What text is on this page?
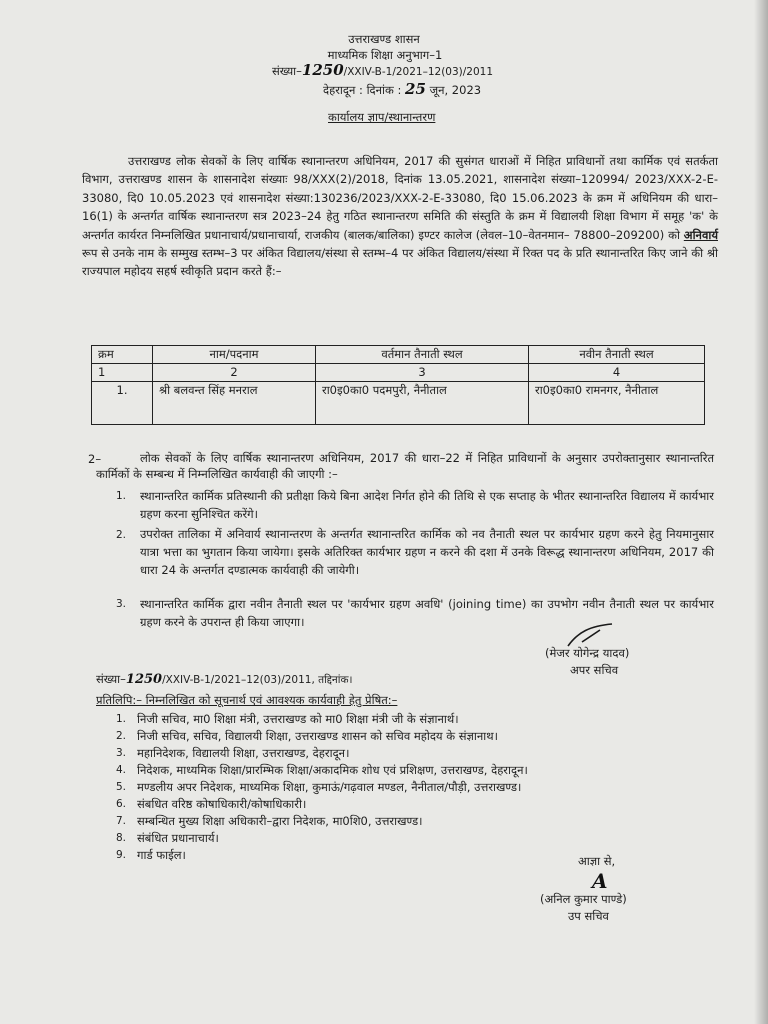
उत्तराखण्ड शासन
माध्यमिक शिक्षा अनुभाग–1
संख्या–1250/XXIV-B-1/2021–12(03)/2011
देहरादून : दिनांक : 25 जून, 2023
कार्यालय ज्ञाप/स्थानान्तरण
उत्तराखण्ड लोक सेवकों के लिए वार्षिक स्थानान्तरण अधिनियम, 2017 की सुसंगत धाराओं में निहित प्राविधानों तथा कार्मिक एवं सतर्कता विभाग, उत्तराखण्ड शासन के शासनादेश संख्याः 98/XXX(2)/2018, दिनांक 13.05.2021, शासनादेश संख्या–120994/ 2023/XXX-2-E-33080, दि0 10.05.2023 एवं शासनादेश संख्या:130236/2023/XXX-2-E-33080, दि0 15.06.2023 के क्रम में अधिनियम की धारा–16(1) के अन्तर्गत वार्षिक स्थानान्तरण सत्र 2023–24 हेतु गठित स्थानान्तरण समिति की संस्तुति के क्रम में विद्यालयी शिक्षा विभाग में समूह 'क' के अन्तर्गत कार्यरत निम्नलिखित प्रधानाचार्य/प्रधानाचार्या, राजकीय (बालक/बालिका) इण्टर कालेज (लेवल–10–वेतनमान– 78800–209200) को अनिवार्य रूप से उनके नाम के सम्मुख स्तम्भ–3 पर अंकित विद्यालय/संस्था से स्तम्भ–4 पर अंकित विद्यालय/संस्था में रिक्त पद के प्रति स्थानान्तरित किए जाने की श्री राज्यपाल महोदय सहर्ष स्वीकृति प्रदान करते हैं:–
क्रम	नाम/पदनाम	वर्तमान तैनाती स्थल	नवीन तैनाती स्थल
1	2	3	4
1.	श्री बलवन्त सिंह मनराल	रा0इ0का0 पदमपुरी, नैनीताल	रा0इ0का0 रामनगर, नैनीताल
2–	लोक सेवकों के लिए वार्षिक स्थानान्तरण अधिनियम, 2017 की धारा–22 में निहित प्राविधानों के अनुसार उपरोक्तानुसार स्थानान्तरित कार्मिकों के सम्बन्ध में निम्नलिखित कार्यवाही की जाएगी :–
1. स्थानान्तरित कार्मिक प्रतिस्थानी की प्रतीक्षा किये बिना आदेश निर्गत होने की तिथि से एक सप्ताह के भीतर स्थानान्तरित विद्यालय में कार्यभार ग्रहण करना सुनिश्चित करेंगे।
2. उपरोक्त तालिका में अनिवार्य स्थानान्तरण के अन्तर्गत स्थानान्तरित कार्मिक को नव तैनाती स्थल पर कार्यभार ग्रहण करने हेतु नियमानुसार यात्रा भत्ता का भुगतान किया जायेगा। इसके अतिरिक्त कार्यभार ग्रहण न करने की दशा में उनके विरूद्ध स्थानान्तरण अधिनियम, 2017 की धारा 24 के अन्तर्गत दण्डात्मक कार्यवाही की जायेगी।
3. स्थानान्तरित कार्मिक द्वारा नवीन तैनाती स्थल पर 'कार्यभार ग्रहण अवधि' (joining time) का उपभोग नवीन तैनाती स्थल पर कार्यभार ग्रहण करने के उपरान्त ही किया जाएगा।
(मेजर योगेन्द्र यादव)
अपर सचिव
संख्या–1250/XXIV-B-1/2021–12(03)/2011, तद्दिनांक।
प्रतिलिपि:– निम्नलिखित को सूचनार्थ एवं आवश्यक कार्यवाही हेतु प्रेषित:–
1. निजी सचिव, मा0 शिक्षा मंत्री, उत्तराखण्ड को मा0 शिक्षा मंत्री जी के संज्ञानार्थ।
2. निजी सचिव, सचिव, विद्यालयी शिक्षा, उत्तराखण्ड शासन को सचिव महोदय के संज्ञानाथ।
3. महानिदेशक, विद्यालयी शिक्षा, उत्तराखण्ड, देहरादून।
4. निदेशक, माध्यमिक शिक्षा/प्रारम्भिक शिक्षा/अकादमिक शोध एवं प्रशिक्षण, उत्तराखण्ड, देहरादून।
5. मण्डलीय अपर निदेशक, माध्यमिक शिक्षा, कुमाऊं/गढ़वाल मण्डल, नैनीताल/पौड़ी, उत्तराखण्ड।
6. संबधित वरिष्ठ कोषाधिकारी/कोषाधिकारी।
7. सम्बन्धित मुख्य शिक्षा अधिकारी–द्वारा निदेशक, मा0शि0, उत्तराखण्ड।
8. संबंधित प्रधानाचार्य।
9. गार्ड फाईल।	आज्ञा से,
A
(अनिल कुमार पाण्डे)
उप सचिव
